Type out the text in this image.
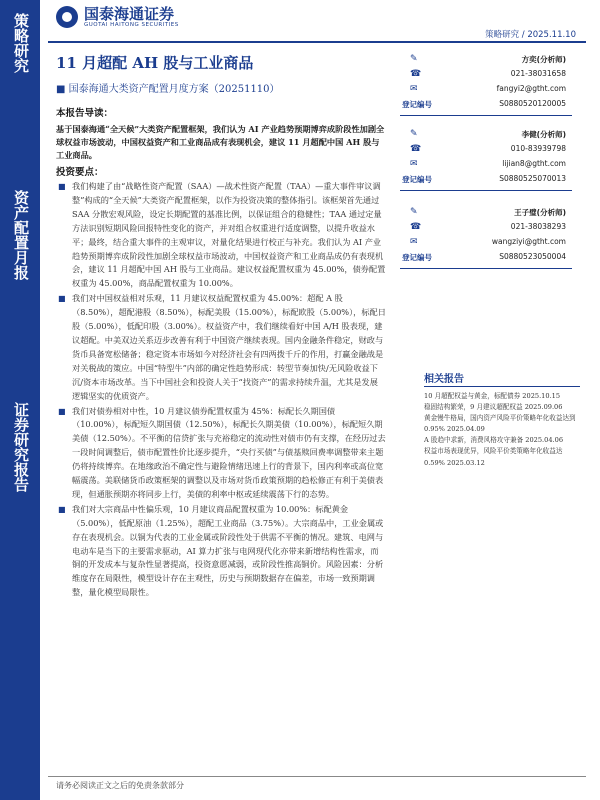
策略研究
资产配置月报
证券研究报告
国泰海通证券
GUOTAI HAITONG SECURITIES
策略研究 / 2025.11.10
11 月超配 AH 股与工业商品
■ 国泰海通大类资产配置月度方案（20251110）
本报告导读：
基于国泰海通“全天候”大类资产配置框架，我们认为 AI 产业趋势预期博弈成阶段性加剧全球权益市场波动，中国权益资产和工业商品成有表现机会，建议 11 月超配中国 AH 股与工业商品。
投资要点：
■ 我们构建了由“战略性资产配置（SAA）—战术性资产配置（TAA）—重大事件审议调整”构成的“全天候”大类资产配置框架，以作为投资决策的整体指引。该框架首先通过 SAA 分散宏观风险，设定长期配置的基准比例，以保证组合的稳健性；TAA 通过定量方法识别短期风险回报特性变化的资产，并对组合权重进行适度调整，以提升收益水平；最终，结合重大事件的主观审议，对量化结果进行校正与补充。我们认为 AI 产业趋势预期博弈成阶段性加剧全球权益市场波动，中国权益资产和工业商品成仍有表现机会，建议 11 月超配中国 AH 股与工业商品。建议权益配置权重为 45.00%，债券配置权重为 45.00%，商品配置权重为 10.00%。
■ 我们对中国权益相对乐观，11 月建议权益配置权重为 45.00%：超配 A 股（8.50%），超配港股（8.50%），标配美股（15.00%），标配欧股（5.00%），标配日股（5.00%），低配印股（3.00%）。权益资产中，我们继续看好中国 A/H 股表现，建议超配。中美双边关系迈步改善有利于中国资产继续表现。国内金融条件稳定，财政与货币具备宽松储备；稳定资本市场如今对经济社会有四两拨千斤的作用，打赢金融战是对关税战的策应。中国“特型牛”内部的确定性趋势形成：转型节奏加快/无风险收益下沉/资本市场改革。当下中国社会和投资人关于“找资产”的需求持续升温，尤其是发展逻辑坚实的优质资产。
■ 我们对债券相对中性，10 月建议债券配置权重为 45%：标配长久期国债（10.00%），标配短久期国债（12.50%），标配长久期美债（10.00%），标配短久期美债（12.50%）。不平衡的信贷扩张与充裕稳定的流动性对债市仍有支撑，在经历过去一段时间调整后，债市配置性价比逐步提升，“央行买债”与债基赎回费率调整带来主题仍将持续博弈。在地缘政治不确定性与避险情绪迅速上行的背景下，国内利率或高位宽幅震荡。美联储货币政策框架的调整以及市场对货币政策预期的趋松修正有利于美债表现，但通胀预期亦将同步上行，美债的利率中枢或延续震荡下行的态势。
■ 我们对大宗商品中性偏乐观，10 月建议商品配置权重为 10.00%：标配黄金（5.00%），低配原油（1.25%），超配工业商品（3.75%）。大宗商品中，工业金属或存在表现机会。以铜为代表的工业金属或阶段性处于供需不平衡的情况。建筑、电网与电动车是当下的主要需求驱动，AI 算力扩张与电网现代化亦带来新增结构性需求，而铜的开发成本与复杂性显著提高，投资意愿减弱，或阶段性推高铜价。风险因素：分析维度存在局限性，模型设计存在主观性，历史与预期数据存在偏差，市场一致预期调整，量化模型局限性。
✎	方奕(分析师)
☎	021-38031658
✉	fangyi2@gtht.com
登记编号	S0880520120005
✎	李健(分析师)
☎	010-83939798
✉	lijian8@gtht.com
登记编号	S0880525070013
✎	王子璧(分析师)
☎	021-38038293
✉	wangziyi@gtht.com
登记编号	S0880523050004
相关报告
10 月超配权益与黄金，标配债券 2025.10.15
稳固结构繁荣，9 月建议超配权益 2025.09.06
黄金慢牛格局，国内资产风险平价策略年化收益达到 0.95% 2025.04.09
A 股趋中求新，消费风格攻守兼备 2025.04.06
权益市场表现优异，风险平价类策略年化收益达 0.59% 2025.03.12
请务必阅读正文之后的免责条款部分
